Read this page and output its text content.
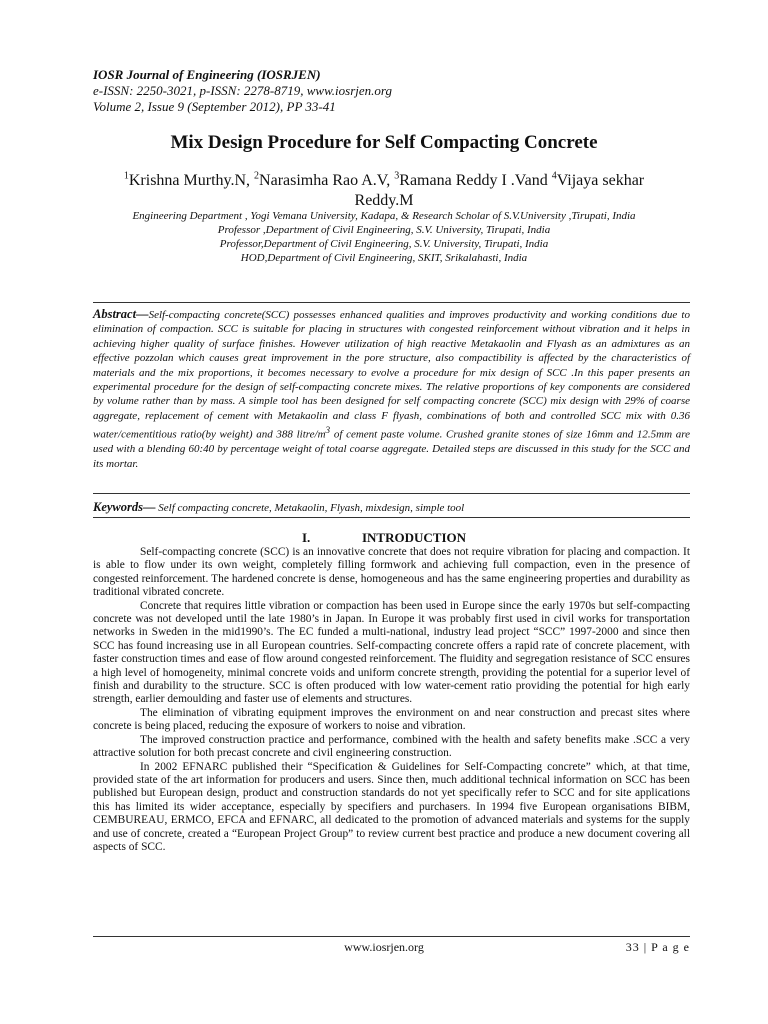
IOSR Journal of Engineering (IOSRJEN)
e-ISSN: 2250-3021, p-ISSN: 2278-8719, www.iosrjen.org
Volume 2, Issue 9 (September 2012), PP 33-41
Mix Design Procedure for Self Compacting Concrete
$^1$Krishna Murthy.N, $^2$Narasimha Rao A.V, $^3$Ramana Reddy I .Vand $^4$Vijaya sekhar Reddy.M
Engineering Department , Yogi Vemana University, Kadapa, & Research Scholar of S.V.University ,Tirupati, India
Professor ,Department of Civil Engineering, S.V. University, Tirupati, India
Professor,Department of Civil Engineering, S.V. University, Tirupati, India
HOD,Department of Civil Engineering, SKIT, Srikalahasti, India
Abstract—Self-compacting concrete(SCC) possesses enhanced qualities and improves productivity and working conditions due to elimination of compaction. SCC is suitable for placing in structures with congested reinforcement without vibration and it helps in achieving higher quality of surface finishes. However utilization of high reactive Metakaolin and Flyash as an admixtures as an effective pozzolan which causes great improvement in the pore structure, also compactibility is affected by the characteristics of materials and the mix proportions, it becomes necessary to evolve a procedure for mix design of SCC .In this paper presents an experimental procedure for the design of self-compacting concrete mixes. The relative proportions of key components are considered by volume rather than by mass. A simple tool has been designed for self compacting concrete (SCC) mix design with 29% of coarse aggregate, replacement of cement with Metakaolin and class F flyash, combinations of both and controlled SCC mix with 0.36 water/cementitious ratio(by weight) and 388 litre/$m^3$ of cement paste volume. Crushed granite stones of size 16mm and 12.5mm are used with a blending 60:40 by percentage weight of total coarse aggregate. Detailed steps are discussed in this study for the SCC and its mortar.
Keywords— Self compacting concrete, Metakaolin, Flyash, mixdesign, simple tool
I.	INTRODUCTION

Self-compacting concrete (SCC) is an innovative concrete that does not require vibration for placing and compaction. It is able to flow under its own weight, completely filling formwork and achieving full compaction, even in the presence of congested reinforcement. The hardened concrete is dense, homogeneous and has the same engineering properties and durability as traditional vibrated concrete.

Concrete that requires little vibration or compaction has been used in Europe since the early 1970s but self-compacting concrete was not developed until the late 1980’s in Japan. In Europe it was probably first used in civil works for transportation networks in Sweden in the mid1990’s. The EC funded a multi-national, industry lead project “SCC” 1997-2000 and since then SCC has found increasing use in all European countries. Self-compacting concrete offers a rapid rate of concrete placement, with faster construction times and ease of flow around congested reinforcement. The fluidity and segregation resistance of SCC ensures a high level of homogeneity, minimal concrete voids and uniform concrete strength, providing the potential for a superior level of finish and durability to the structure. SCC is often produced with low water-cement ratio providing the potential for high early strength, earlier demoulding and faster use of elements and structures.

The elimination of vibrating equipment improves the environment on and near construction and precast sites where concrete is being placed, reducing the exposure of workers to noise and vibration.

The improved construction practice and performance, combined with the health and safety benefits make .SCC a very attractive solution for both precast concrete and civil engineering construction.

In 2002 EFNARC published their “Specification & Guidelines for Self-Compacting concrete” which, at that time, provided state of the art information for producers and users. Since then, much additional technical information on SCC has been published but European design, product and construction standards do not yet specifically refer to SCC and for site applications this has limited its wider acceptance, especially by specifiers and purchasers. In 1994 five European organisations BIBM, CEMBUREAU, ERMCO, EFCA and EFNARC, all dedicated to the promotion of advanced materials and systems for the supply and use of concrete, created a “European Project Group” to review current best practice and produce a new document covering all aspects of SCC.

www.iosrjen.org	33 | P a g e
